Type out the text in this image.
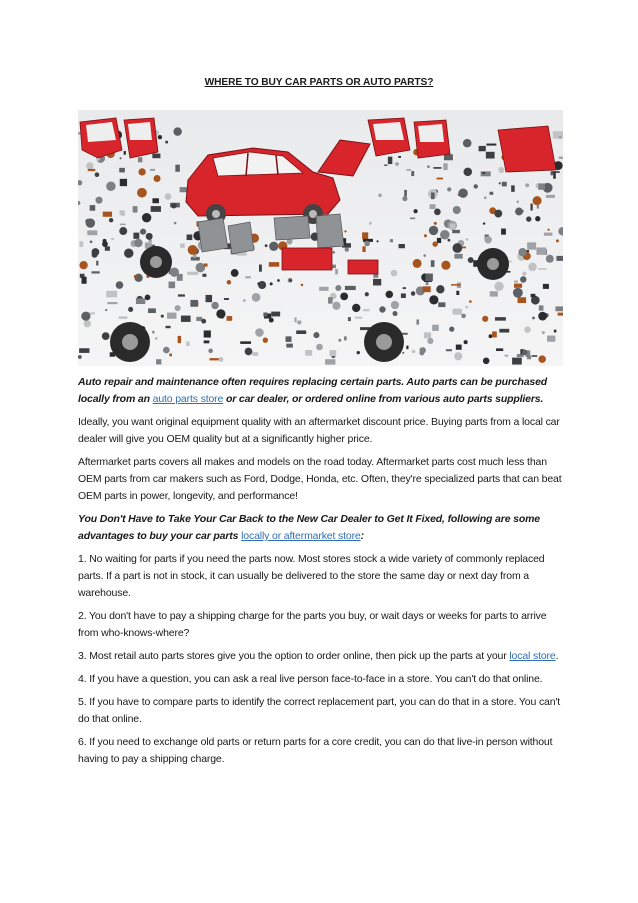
WHERE TO BUY CAR PARTS OR AUTO PARTS?

Auto repair and maintenance often requires replacing certain parts. Auto parts can be purchased locally from an auto parts store or car dealer, or ordered online from various auto parts suppliers.

Ideally, you want original equipment quality with an aftermarket discount price. Buying parts from a local car dealer will give you OEM quality but at a significantly higher price.

Aftermarket parts covers all makes and models on the road today. Aftermarket parts cost much less than OEM parts from car makers such as Ford, Dodge, Honda, etc. Often, they're specialized parts that can beat OEM parts in power, longevity, and performance!

You Don't Have to Take Your Car Back to the New Car Dealer to Get It Fixed, following are some advantages to buy your car parts locally or aftermarket store:

1. No waiting for parts if you need the parts now. Most stores stock a wide variety of commonly replaced parts. If a part is not in stock, it can usually be delivered to the store the same day or next day from a warehouse.

2. You don't have to pay a shipping charge for the parts you buy, or wait days or weeks for parts to arrive from who-knows-where?

3. Most retail auto parts stores give you the option to order online, then pick up the parts at your local store.

4. If you have a question, you can ask a real live person face-to-face in a store. You can't do that online.

5. If you have to compare parts to identify the correct replacement part, you can do that in a store. You can't do that online.

6. If you need to exchange old parts or return parts for a core credit, you can do that live-in person without having to pay a shipping charge.
